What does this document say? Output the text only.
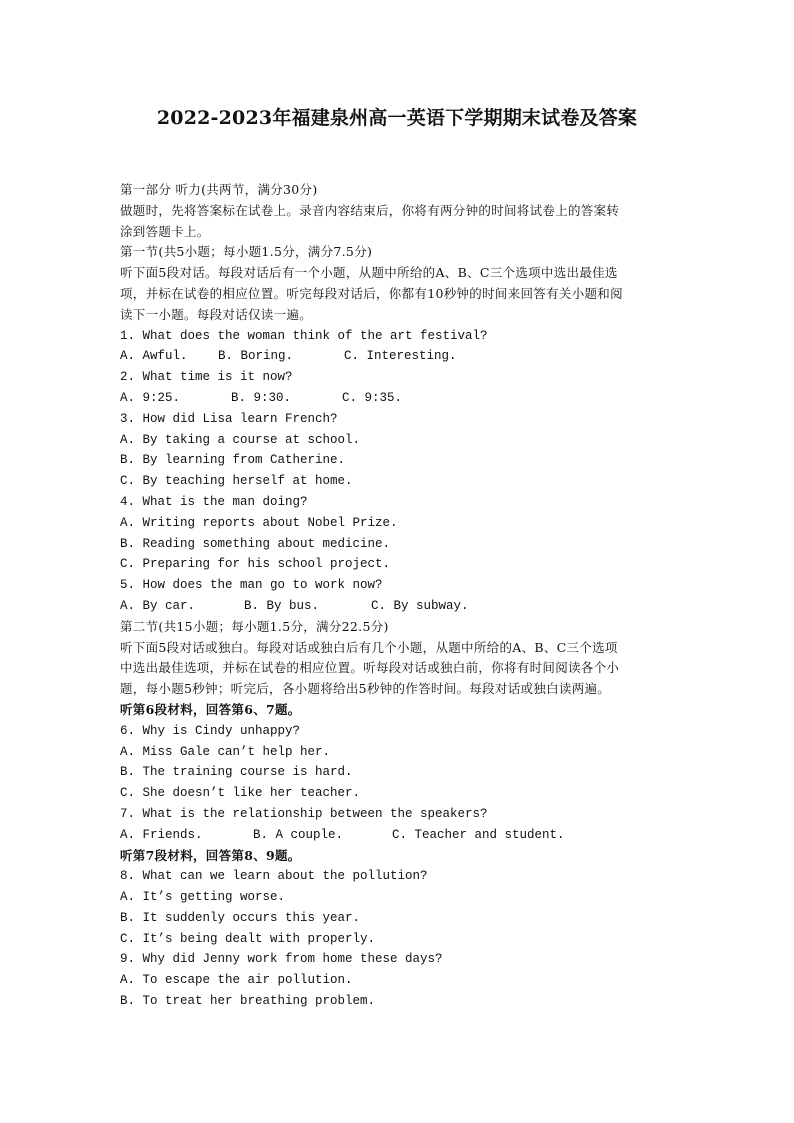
2022-2023年福建泉州高一英语下学期期末试卷及答案
第一部分 听力(共两节，满分30分)
做题时，先将答案标在试卷上。录音内容结束后，你将有两分钟的时间将试卷上的答案转
涂到答题卡上。
第一节(共5小题；每小题1.5分，满分7.5分)
听下面5段对话。每段对话后有一个小题，从题中所给的A、B、C三个选项中选出最佳选
项，并标在试卷的相应位置。听完每段对话后，你都有10秒钟的时间来回答有关小题和阅
读下一小题。每段对话仅读一遍。
1. What does the woman think of the art festival?
A. Awful.	B. Boring.	C. Interesting.
2. What time is it now?
A. 9:25.	B. 9:30.	C. 9:35.
3. How did Lisa learn French?
A. By taking a course at school.
B. By learning from Catherine.
C. By teaching herself at home.
4. What is the man doing?
A. Writing reports about Nobel Prize.
B. Reading something about medicine.
C. Preparing for his school project.
5. How does the man go to work now?
A. By car.	B. By bus.	C. By subway.
第二节(共15小题；每小题1.5分，满分22.5分)
听下面5段对话或独白。每段对话或独白后有几个小题，从题中所给的A、B、C三个选项
中选出最佳选项，并标在试卷的相应位置。听每段对话或独白前，你将有时间阅读各个小
题，每小题5秒钟；听完后，各小题将给出5秒钟的作答时间。每段对话或独白读两遍。
听第6段材料，回答第6、7题。
6. Why is Cindy unhappy?
A. Miss Gale can’t help her.
B. The training course is hard.
C. She doesn’t like her teacher.
7. What is the relationship between the speakers?
A. Friends.	B. A couple.	C. Teacher and student.
听第7段材料，回答第8、9题。
8. What can we learn about the pollution?
A. It’s getting worse.
B. It suddenly occurs this year.
C. It’s being dealt with properly.
9. Why did Jenny work from home these days?
A. To escape the air pollution.
B. To treat her breathing problem.
